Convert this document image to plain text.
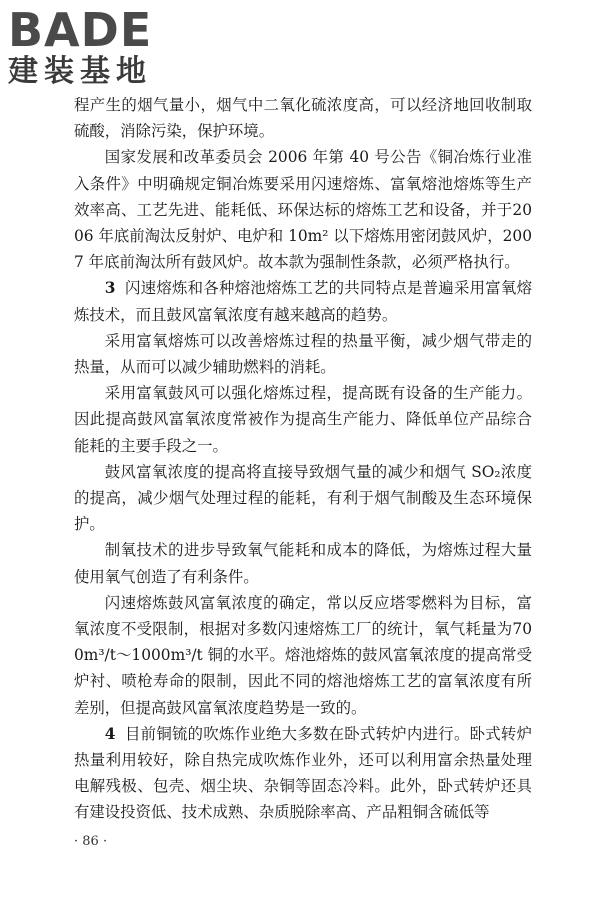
BADE
建装基地

程产生的烟气量小，烟气中二氧化硫浓度高，可以经济地回收制取硫酸，消除污染，保护环境。

国家发展和改革委员会 2006 年第 40 号公告《铜冶炼行业准入条件》中明确规定铜冶炼要采用闪速熔炼、富氧熔池熔炼等生产效率高、工艺先进、能耗低、环保达标的熔炼工艺和设备，并于2006 年底前淘汰反射炉、电炉和 10m² 以下熔炼用密闭鼓风炉，2007 年底前淘汰所有鼓风炉。故本款为强制性条款，必须严格执行。

3 闪速熔炼和各种熔池熔炼工艺的共同特点是普遍采用富氧熔炼技术，而且鼓风富氧浓度有越来越高的趋势。

采用富氧熔炼可以改善熔炼过程的热量平衡，减少烟气带走的热量，从而可以减少辅助燃料的消耗。

采用富氧鼓风可以强化熔炼过程，提高既有设备的生产能力。因此提高鼓风富氧浓度常被作为提高生产能力、降低单位产品综合能耗的主要手段之一。

鼓风富氧浓度的提高将直接导致烟气量的减少和烟气 SO₂浓度的提高，减少烟气处理过程的能耗，有利于烟气制酸及生态环境保护。

制氧技术的进步导致氧气能耗和成本的降低，为熔炼过程大量使用氧气创造了有利条件。

闪速熔炼鼓风富氧浓度的确定，常以反应塔零燃料为目标，富氧浓度不受限制，根据对多数闪速熔炼工厂的统计，氧气耗量为700m³/t～1000m³/t 铜的水平。熔池熔炼的鼓风富氧浓度的提高常受炉衬、喷枪寿命的限制，因此不同的熔池熔炼工艺的富氧浓度有所差别，但提高鼓风富氧浓度趋势是一致的。

4 目前铜锍的吹炼作业绝大多数在卧式转炉内进行。卧式转炉热量利用较好，除自热完成吹炼作业外，还可以利用富余热量处理电解残极、包壳、烟尘块、杂铜等固态冷料。此外，卧式转炉还具有建设投资低、技术成熟、杂质脱除率高、产品粗铜含硫低等

· 86 ·
